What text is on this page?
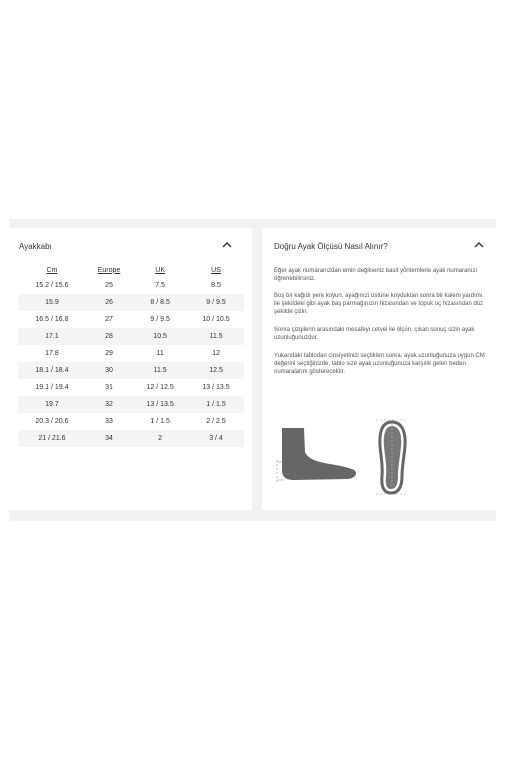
Ayakkabı
Cm	Europe	UK	US
15.2 / 15.6	25	7.5	8.5
15.9	26	8 / 8.5	9 / 9.5
16.5 / 16.8	27	9 / 9.5	10 / 10.5
17.1	28	10.5	11.5
17.8	29	11	12
18.1 / 18.4	30	11.5	12.5
19.1 / 19.4	31	12 / 12.5	13 / 13.5
19.7	32	13 / 13.5	1 / 1.5
20.3 / 20.6	33	1 / 1.5	2 / 2.5
21 / 21.6	34	2	3 / 4
Doğru Ayak Ölçüsü Nasıl Alınır?

Eğer ayak numaranızdan emin değilseniz basit yöntemlerle ayak numaranızı öğrenebilirsiniz.

Boş bir kağıdı yere koyun, ayağınızı üstüne koyduktan sonra bir kalem yardımı ile şekildeki gibi ayak baş parmağınızın hizasından ve topuk uç hizasından düz şekilde çizin.

Sonra çizgilerin arasındaki mesafeyi cetvel ile ölçün, çıkan sonuç sizin ayak uzunluğunuzdur.

Yukarıdaki tablodan cinsiyetinizi seçtikten sonra, ayak uzunluğunuza uygun CM değerini seçtiğinizde, tablo size ayak uzunluğunuza karşılık gelen beden numaralarını gösterecektir.
